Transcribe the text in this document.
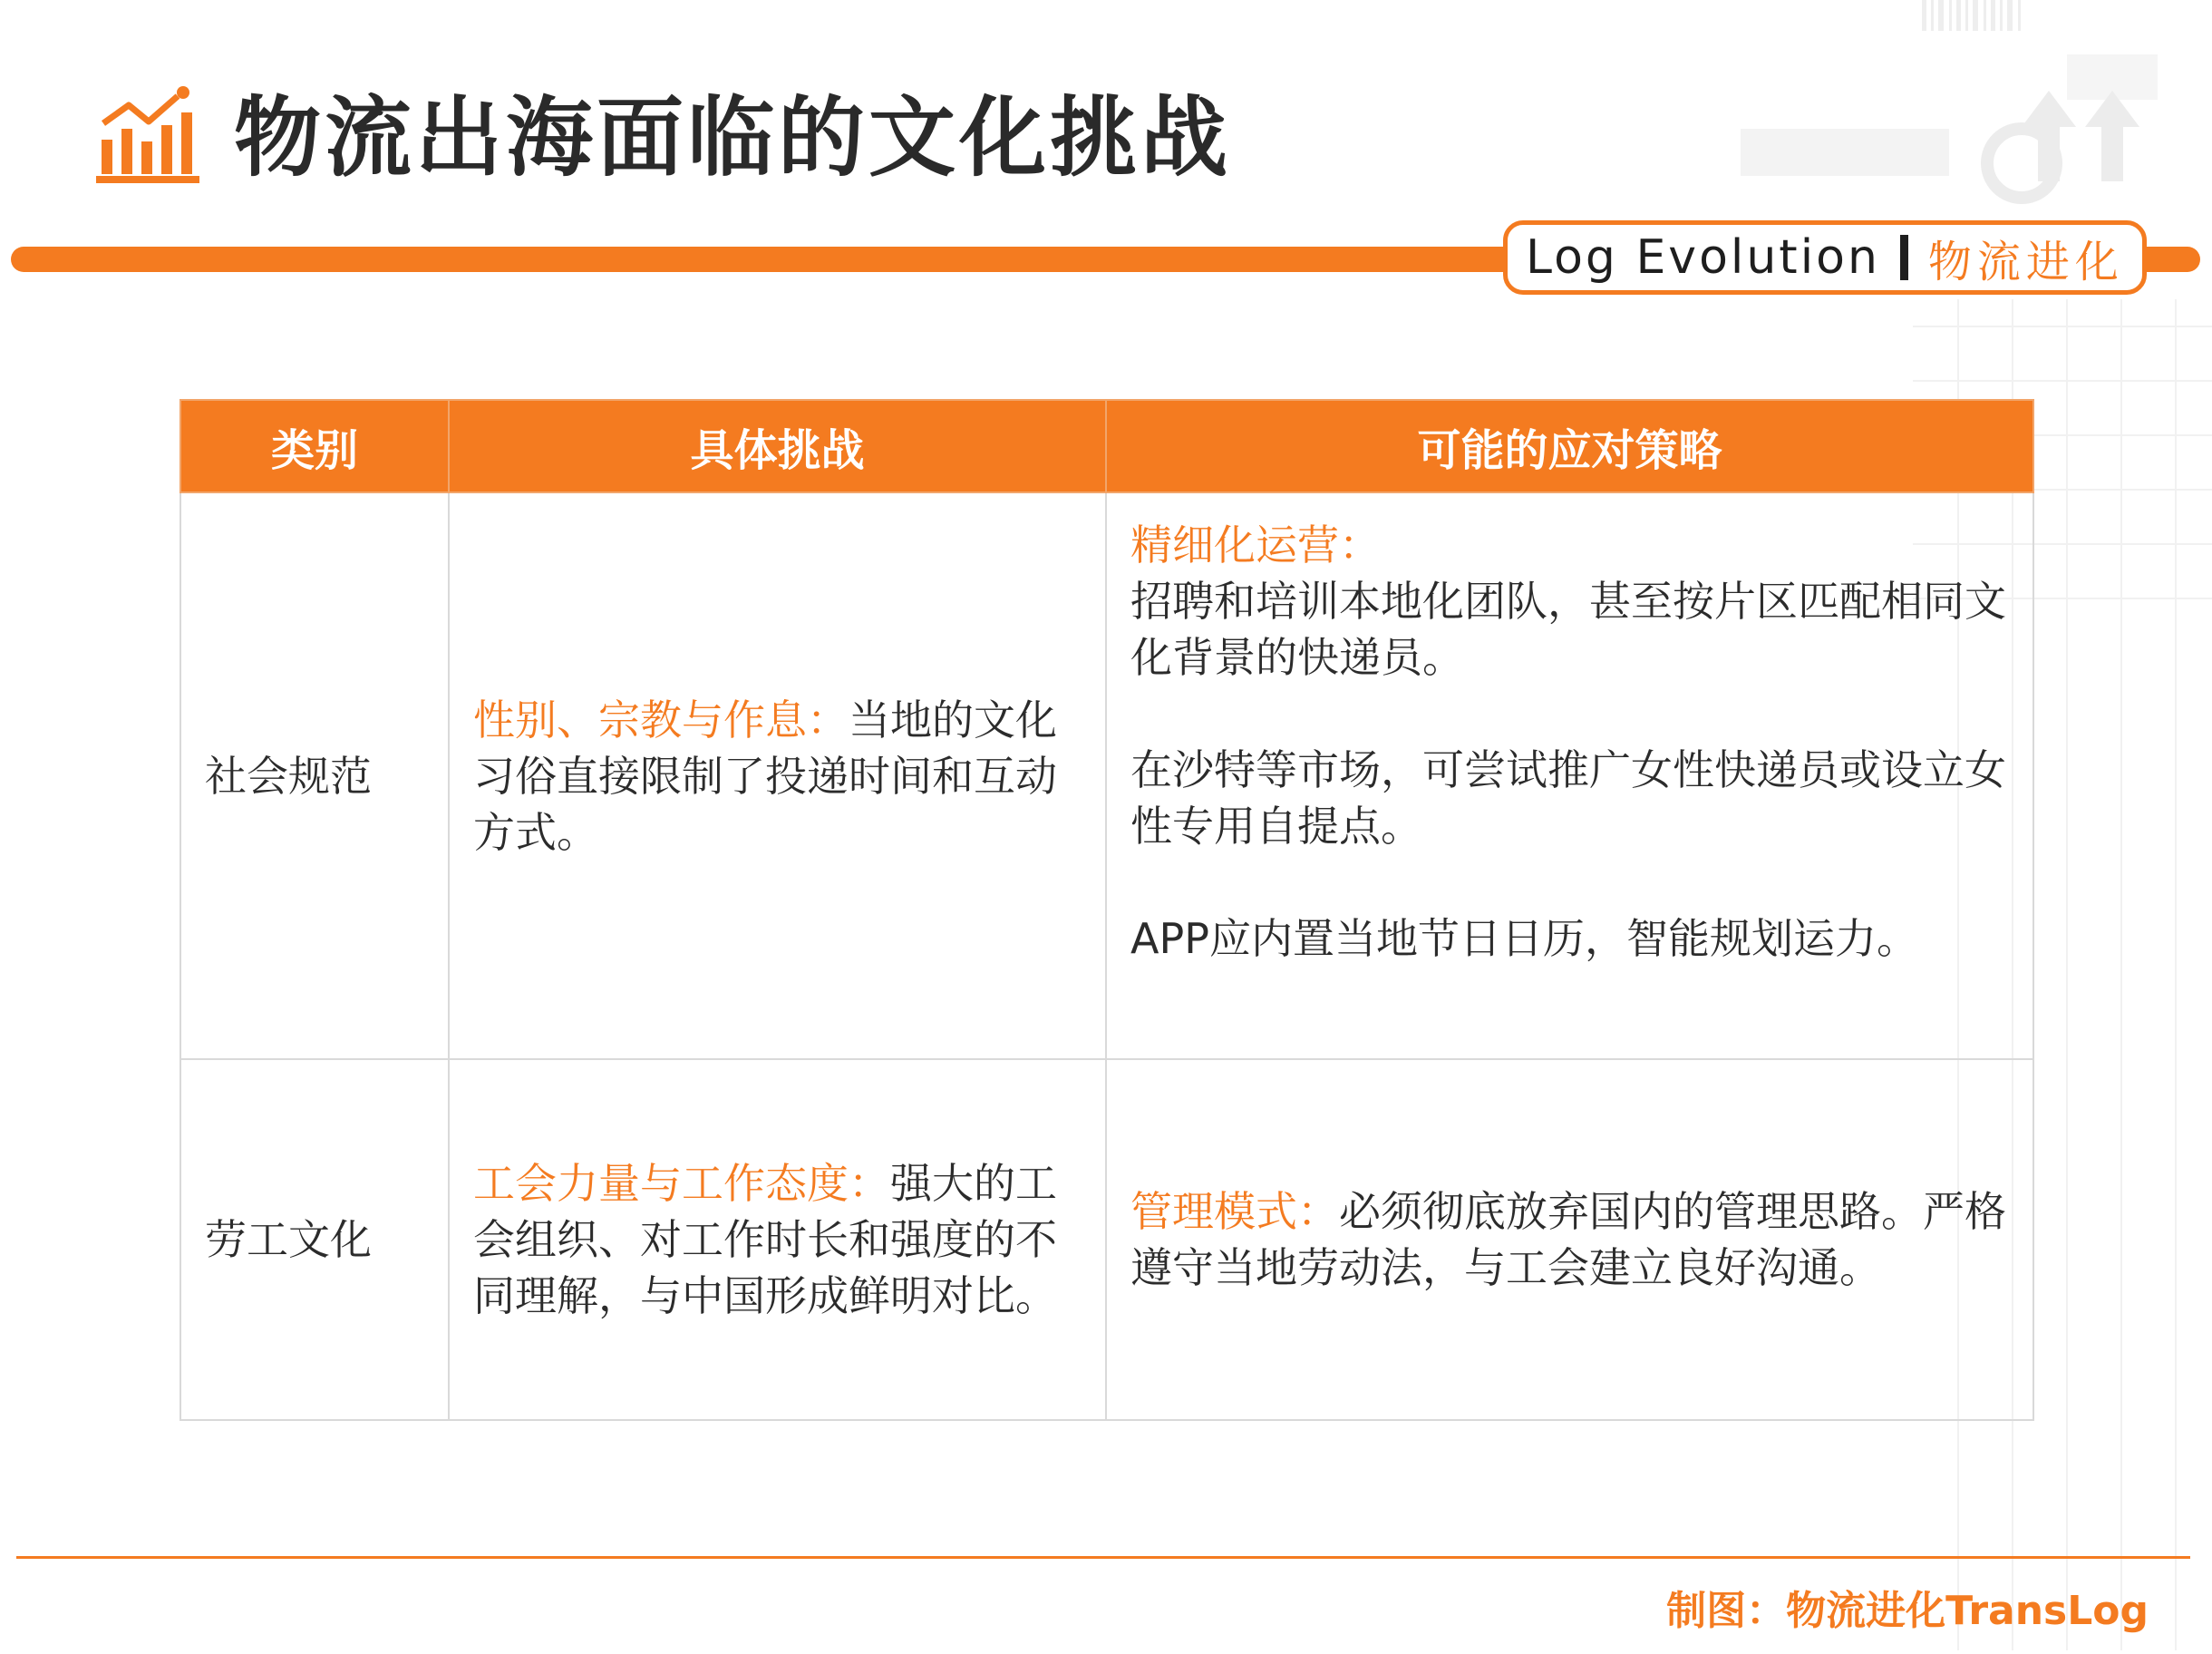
物流出海面临的文化挑战
Log Evolution 物流进化
类别	具体挑战	可能的应对策略
社会规范	性别、宗教与作息：当地的文化习俗直接限制了投递时间和互动方式。	精细化运营：
招聘和培训本地化团队，甚至按片区匹配相同文化背景的快递员。
在沙特等市场，可尝试推广女性快递员或设立女性专用自提点。
APP应内置当地节日日历，智能规划运力。

劳工文化	工会力量与工作态度：强大的工会组织、对工作时长和强度的不同理解，与中国形成鲜明对比。	管理模式：必须彻底放弃国内的管理思路。严格遵守当地劳动法，与工会建立良好沟通。
制图：物流进化TransLog
